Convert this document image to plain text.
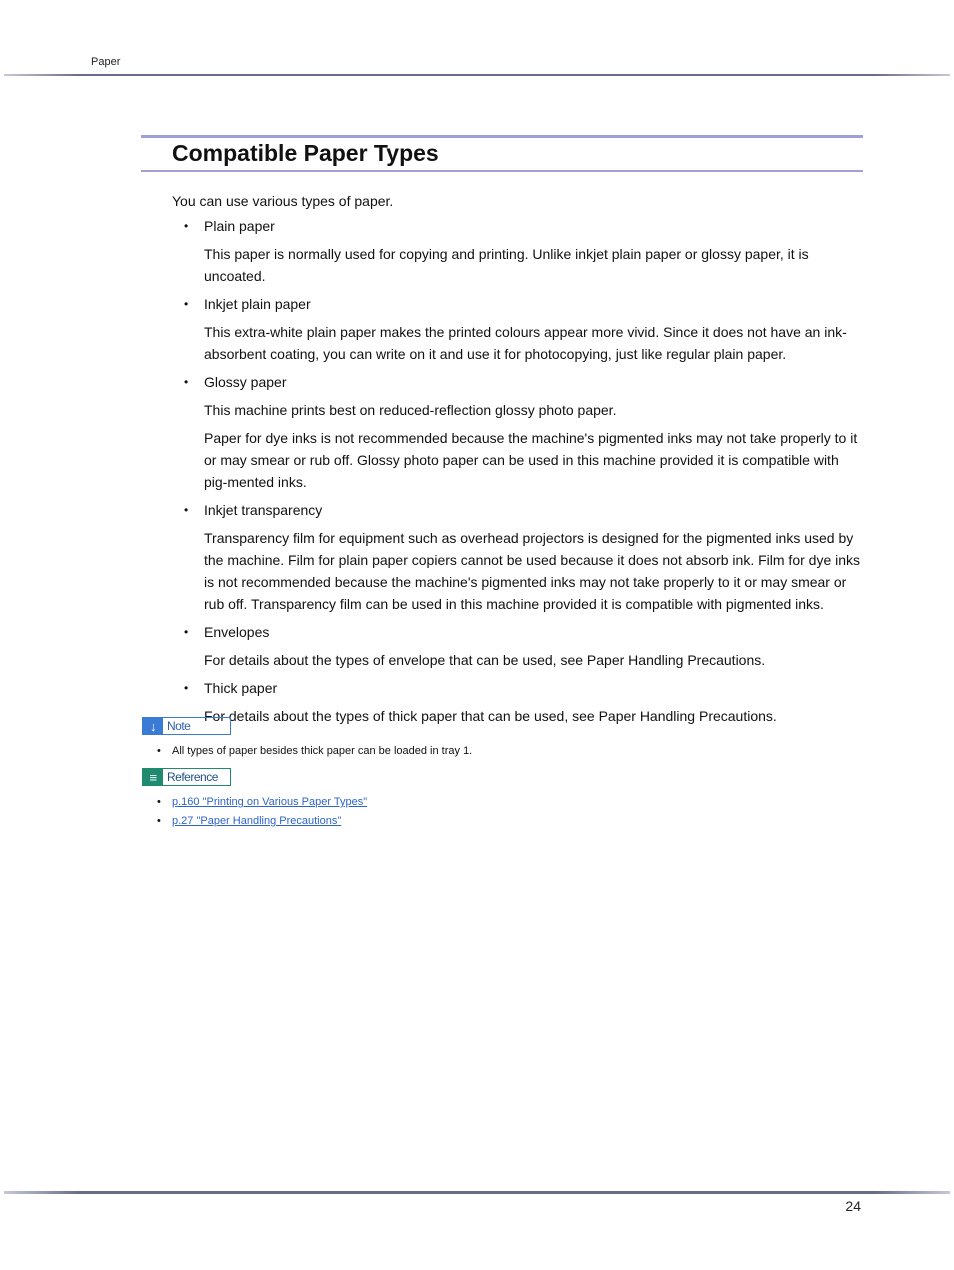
Paper
Compatible Paper Types

You can use various types of paper.

• Plain paper

This paper is normally used for copying and printing. Unlike inkjet plain paper or glossy paper, it is uncoated.

• Inkjet plain paper

This extra-white plain paper makes the printed colours appear more vivid. Since it does not have an ink-absorbent coating, you can write on it and use it for photocopying, just like regular plain paper.

• Glossy paper

This machine prints best on reduced-reflection glossy photo paper.

Paper for dye inks is not recommended because the machine's pigmented inks may not take properly to it or may smear or rub off. Glossy photo paper can be used in this machine provided it is compatible with pig-mented inks.

• Inkjet transparency

Transparency film for equipment such as overhead projectors is designed for the pigmented inks used by the machine. Film for plain paper copiers cannot be used because it does not absorb ink. Film for dye inks is not recommended because the machine's pigmented inks may not take properly to it or may smear or rub off. Transparency film can be used in this machine provided it is compatible with pigmented inks.

• Envelopes

For details about the types of envelope that can be used, see Paper Handling Precautions.

• Thick paper

For details about the types of thick paper that can be used, see Paper Handling Precautions.

↓ Note
• All types of paper besides thick paper can be loaded in tray 1.
≡ Reference
• p.160 "Printing on Various Paper Types"
• p.27 "Paper Handling Precautions"
24
